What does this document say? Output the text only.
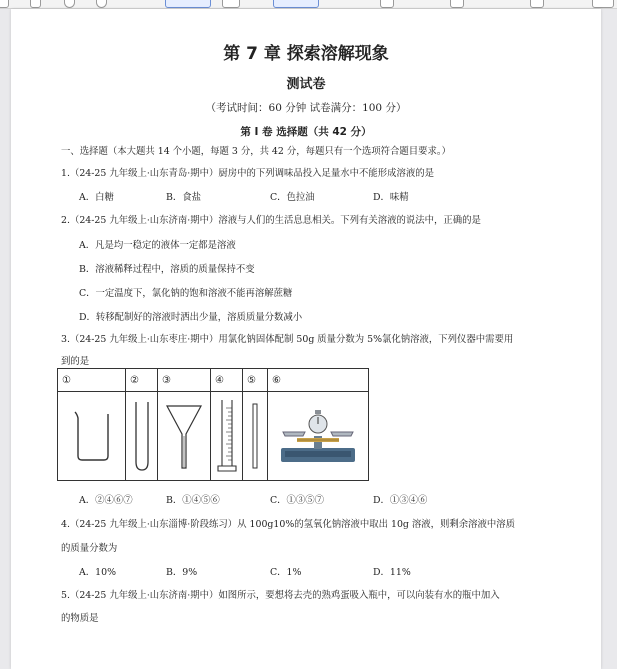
第 7 章 探索溶解现象
测试卷
（考试时间：60 分钟 试卷满分：100 分）
第 I 卷 选择题（共 42 分）
一、选择题（本大题共 14 个小题，每题 3 分，共 42 分，每题只有一个选项符合题目要求。）
1.（24-25 九年级上·山东青岛·期中）厨房中的下列调味品投入足量水中不能形成溶液的是
A．白糖	B．食盐	C．色拉油	D．味精
2.（24-25 九年级上·山东济南·期中）溶液与人们的生活息息相关。下列有关溶液的说法中，正确的是
A．凡是均一稳定的液体一定都是溶液
B．溶液稀释过程中，溶质的质量保持不变
C．一定温度下，氯化钠的饱和溶液不能再溶解蔗糖
D．转移配制好的溶液时洒出少量，溶质质量分数减小
3.（24-25 九年级上·山东枣庄·期中）用氯化钠固体配制 50g 质量分数为 5%氯化钠溶液，下列仪器中需要用
到的是
①	②	③	④	⑤	⑥

A．②④⑥⑦	B．①④⑤⑥	C．①③⑤⑦	D．①③④⑥
4.（24-25 九年级上·山东淄博·阶段练习）从 100g10%的氢氧化钠溶液中取出 10g 溶液，则剩余溶液中溶质
的质量分数为
A．10%	B．9%	C．1%	D．11%
5.（24-25 九年级上·山东济南·期中）如图所示，要想将去壳的熟鸡蛋吸入瓶中，可以向装有水的瓶中加入
的物质是
